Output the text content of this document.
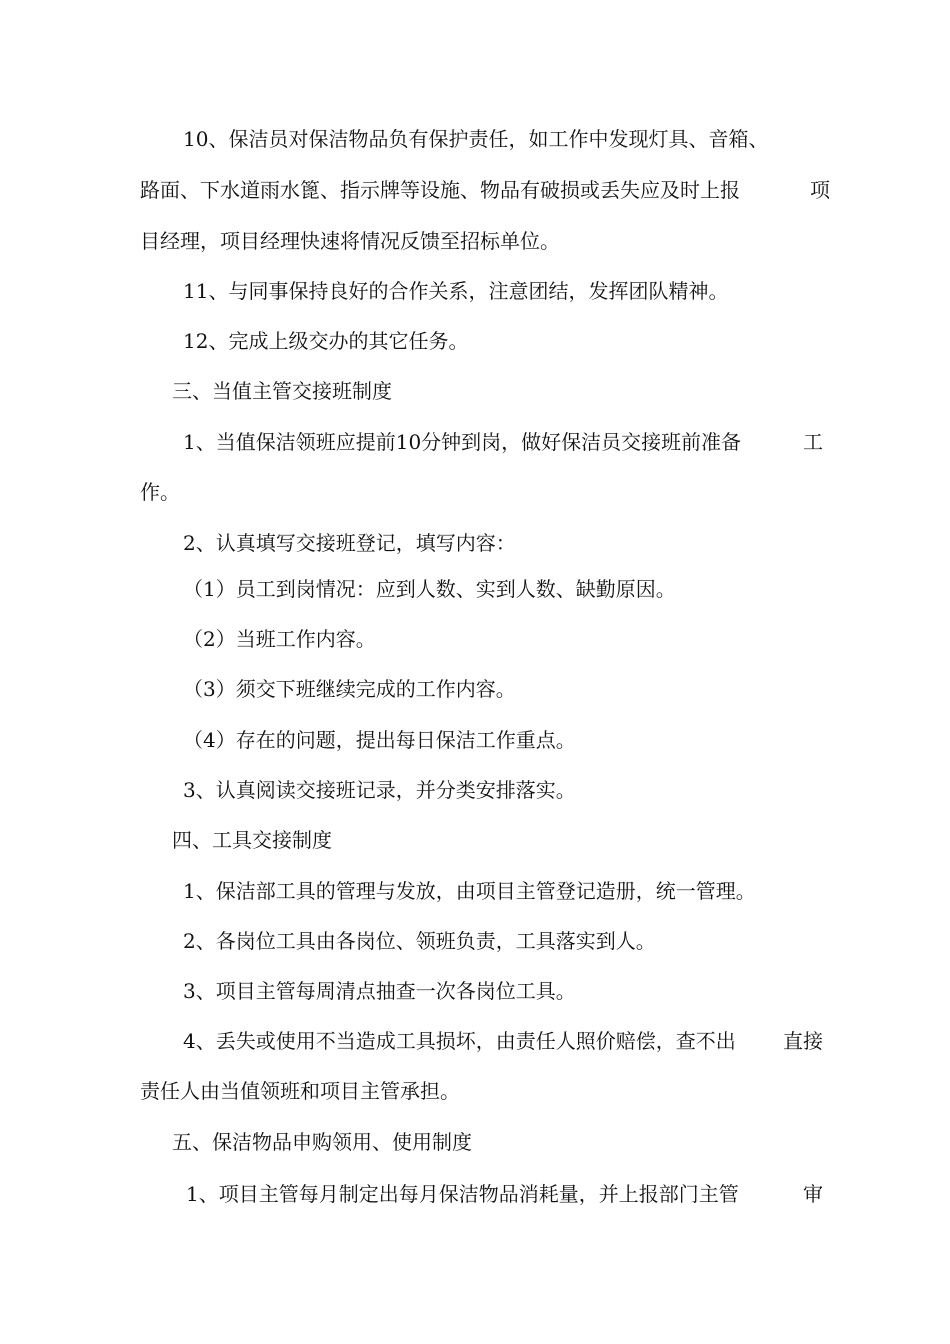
10、保洁员对保洁物品负有保护责任，如工作中发现灯具、音箱、
路面、下水道雨水篦、指示牌等设施、物品有破损或丢失应及时上报	项
目经理，项目经理快速将情况反馈至招标单位。
11、与同事保持良好的合作关系，注意团结，发挥团队精神。
12、完成上级交办的其它任务。
三、当值主管交接班制度
1、当值保洁领班应提前10分钟到岗，做好保洁员交接班前准备	工
作。
2、认真填写交接班登记，填写内容：
（1）员工到岗情况：应到人数、实到人数、缺勤原因。
（2）当班工作内容。
（3）须交下班继续完成的工作内容。
（4）存在的问题，提出每日保洁工作重点。
3、认真阅读交接班记录，并分类安排落实。
四、工具交接制度
1、保洁部工具的管理与发放，由项目主管登记造册，统一管理。
2、各岗位工具由各岗位、领班负责，工具落实到人。
3、项目主管每周清点抽查一次各岗位工具。
4、丢失或使用不当造成工具损坏，由责任人照价赔偿，查不出 直接
责任人由当值领班和项目主管承担。
五、保洁物品申购领用、使用制度
1、项目主管每月制定出每月保洁物品消耗量，并上报部门主管	审
